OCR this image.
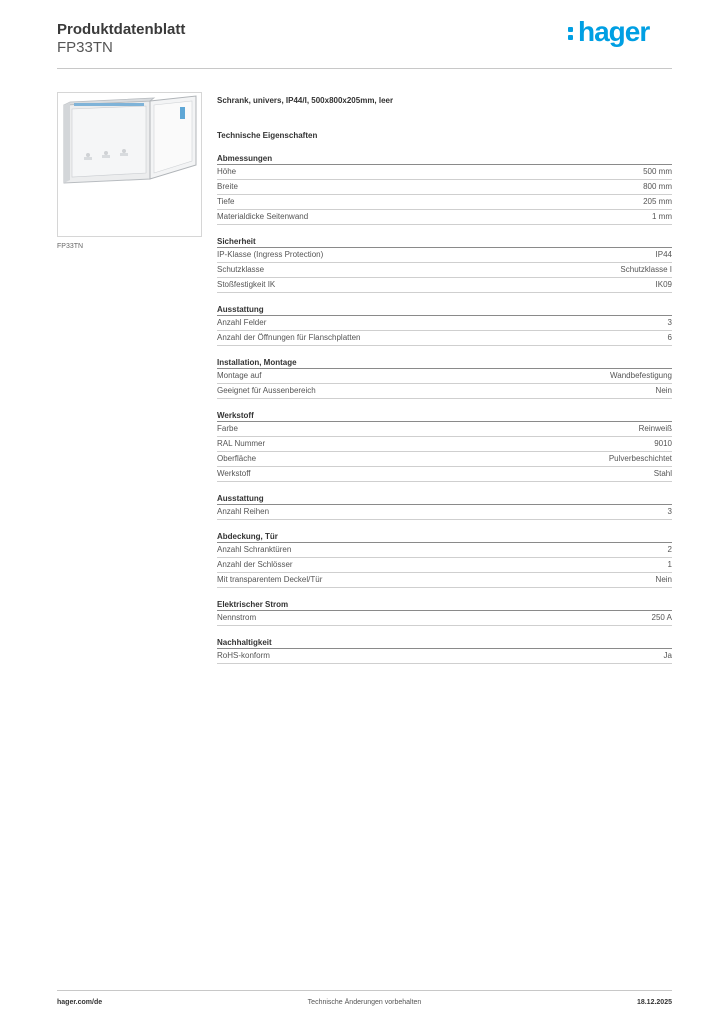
Produktdatenblatt
FP33TN
hager
FP33TN
Schrank, univers, IP44/I, 500x800x205mm, leer
Technische Eigenschaften
Abmessungen
Höhe	500 mm
Breite	800 mm
Tiefe	205 mm
Materialdicke Seitenwand	1 mm
Sicherheit
IP-Klasse (Ingress Protection)	IP44
Schutzklasse	Schutzklasse I
Stoßfestigkeit IK	IK09
Ausstattung
Anzahl Felder	3
Anzahl der Öffnungen für Flanschplatten	6
Installation, Montage
Montage auf	Wandbefestigung
Geeignet für Aussenbereich	Nein
Werkstoff
Farbe	Reinweiß
RAL Nummer	9010
Oberfläche	Pulverbeschichtet
Werkstoff	Stahl
Ausstattung
Anzahl Reihen	3
Abdeckung, Tür
Anzahl Schranktüren	2
Anzahl der Schlösser	1
Mit transparentem Deckel/Tür	Nein
Elektrischer Strom
Nennstrom	250 A
Nachhaltigkeit
RoHS-konform	Ja
Technische Änderungen vorbehalten
hager.com/de	18.12.2025
